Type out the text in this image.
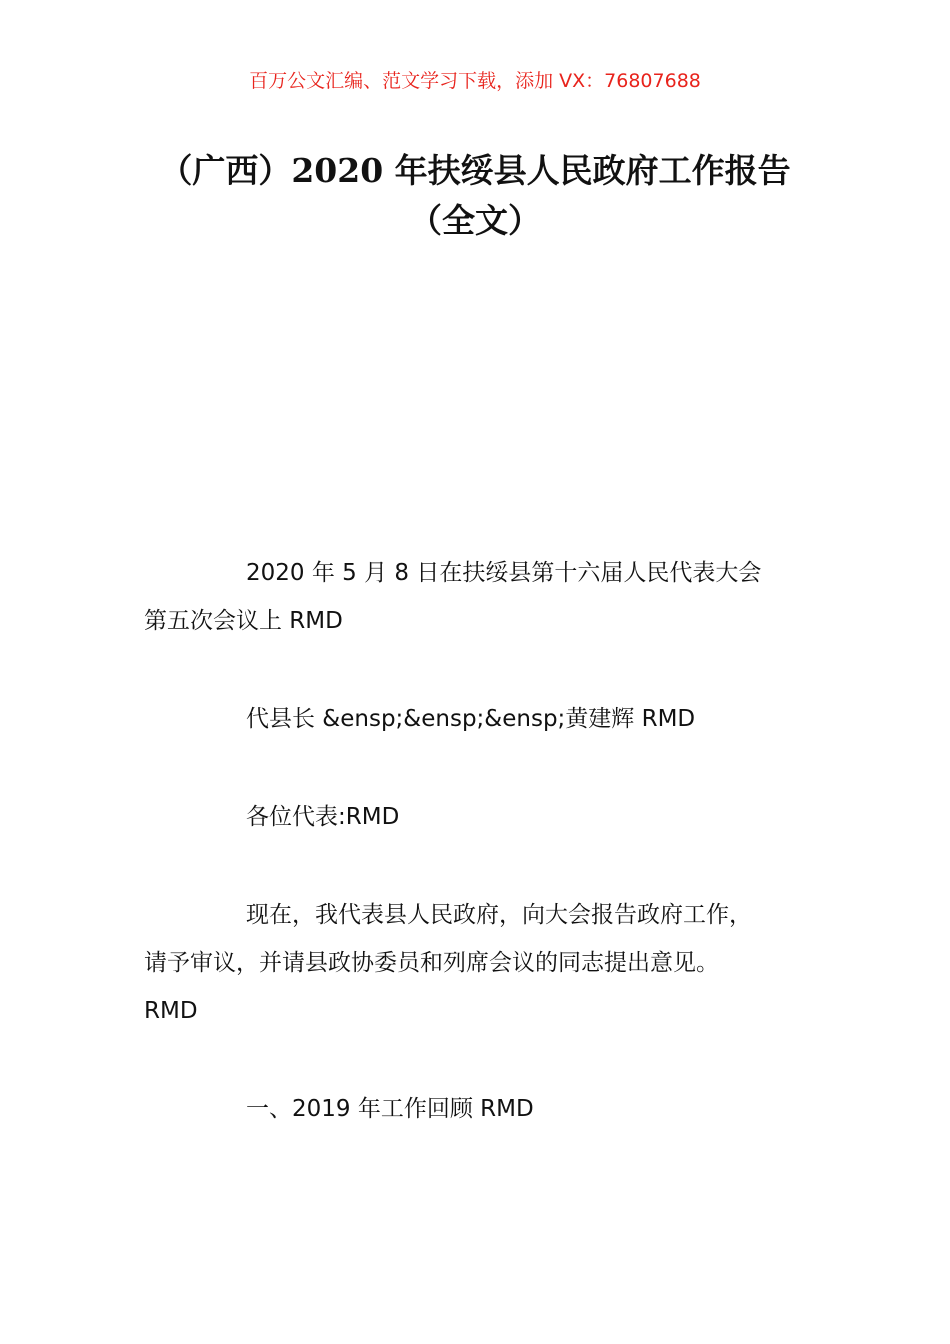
百万公文汇编、范文学习下载，添加 VX：76807688
（广西）2020 年扶绥县人民政府工作报告
（全文）

2020 年 5 月 8 日在扶绥县第十六届人民代表大会
第五次会议上 RMD

代县长 &ensp;&ensp;&ensp;黄建辉 RMD

各位代表:RMD

现在，我代表县人民政府，向大会报告政府工作，
请予审议，并请县政协委员和列席会议的同志提出意见。
RMD

一、2019 年工作回顾 RMD
